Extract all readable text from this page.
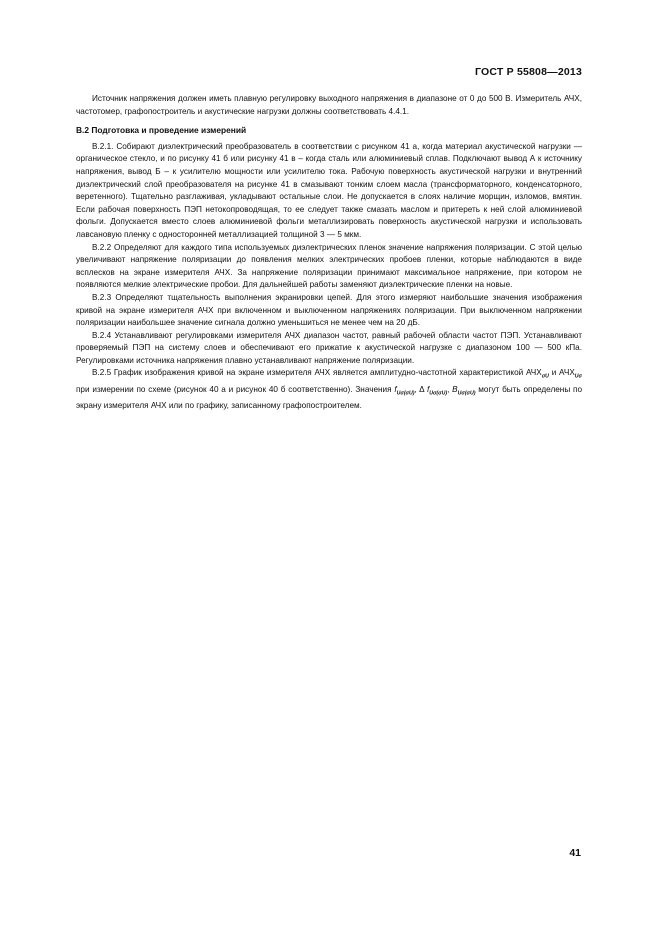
ГОСТ Р 55808—2013

Источник напряжения должен иметь плавную регулировку выходного напряжения в диапазоне от 0 до 500 В. Измеритель АЧХ, частотомер, графопостроитель и акустические нагрузки должны соответствовать 4.4.1.

В.2 Подготовка и проведение измерений

В.2.1. Собирают диэлектрический преобразователь в соответствии с рисунком 41 а, когда материал акустической нагрузки — органическое стекло, и по рисунку 41 б или рисунку 41 в – когда сталь или алюминиевый сплав. Подключают вывод А к источнику напряжения, вывод Б – к усилителю мощности или усилителю тока. Рабочую поверхность акустической нагрузки и внутренний диэлектрический слой преобразователя на рисунке 41 в смазывают тонким слоем масла (трансформаторного, конденсаторного, веретенного). Тщательно разглаживая, укладывают остальные слои. Не допускается в слоях наличие морщин, изломов, вмятин. Если рабочая поверхность ПЭП нетокопроводящая, то ее следует также смазать маслом и притереть к ней слой алюминиевой фольги. Допускается вместо слоев алюминиевой фольги металлизировать поверхность акустической нагрузки и использовать лавсановую пленку с односторонней металлизацией толщиной 3 — 5 мкм.

В.2.2 Определяют для каждого типа используемых диэлектрических пленок значение напряжения поляризации. С этой целью увеличивают напряжение поляризации до появления мелких электрических пробоев пленки, которые наблюдаются в виде всплесков на экране измерителя АЧХ. За напряжение поляризации принимают максимальное напряжение, при котором не появляются мелкие электрические пробои. Для дальнейшей работы заменяют диэлектрические пленки на новые.

В.2.3 Определяют тщательность выполнения экранировки цепей. Для этого измеряют наибольшие значения изображения кривой на экране измерителя АЧХ при включенном и выключенном напряжениях поляризации. При выключенном напряжении поляризации наибольшее значение сигнала должно уменьшиться не менее чем на 20 дБ.

В.2.4 Устанавливают регулировками измерителя АЧХ диапазон частот, равный рабочей области частот ПЭП. Устанавливают проверяемый ПЭП на систему слоев и обеспечивают его прижатие к акустической нагрузке с диапазоном 100 — 500 кПа. Регулировками источника напряжения плавно устанавливают напряжение поляризации.

В.2.5 График изображения кривой на экране измерителя АЧХ является амплитудно-частотной характеристикой $АЧХ_{\sigma U}$ и $АЧХ_{U\sigma}$ при измерении по схеме (рисунок 40 а и рисунок 40 б соответственно). Значения $f_{U\sigma(\sigma U)}$, Δ $f_{U\sigma(\sigma U)}$, $B_{U\sigma(\sigma U)}$ могут быть определены по экрану измерителя АЧХ или по графику, записанному графопостроителем.

41
